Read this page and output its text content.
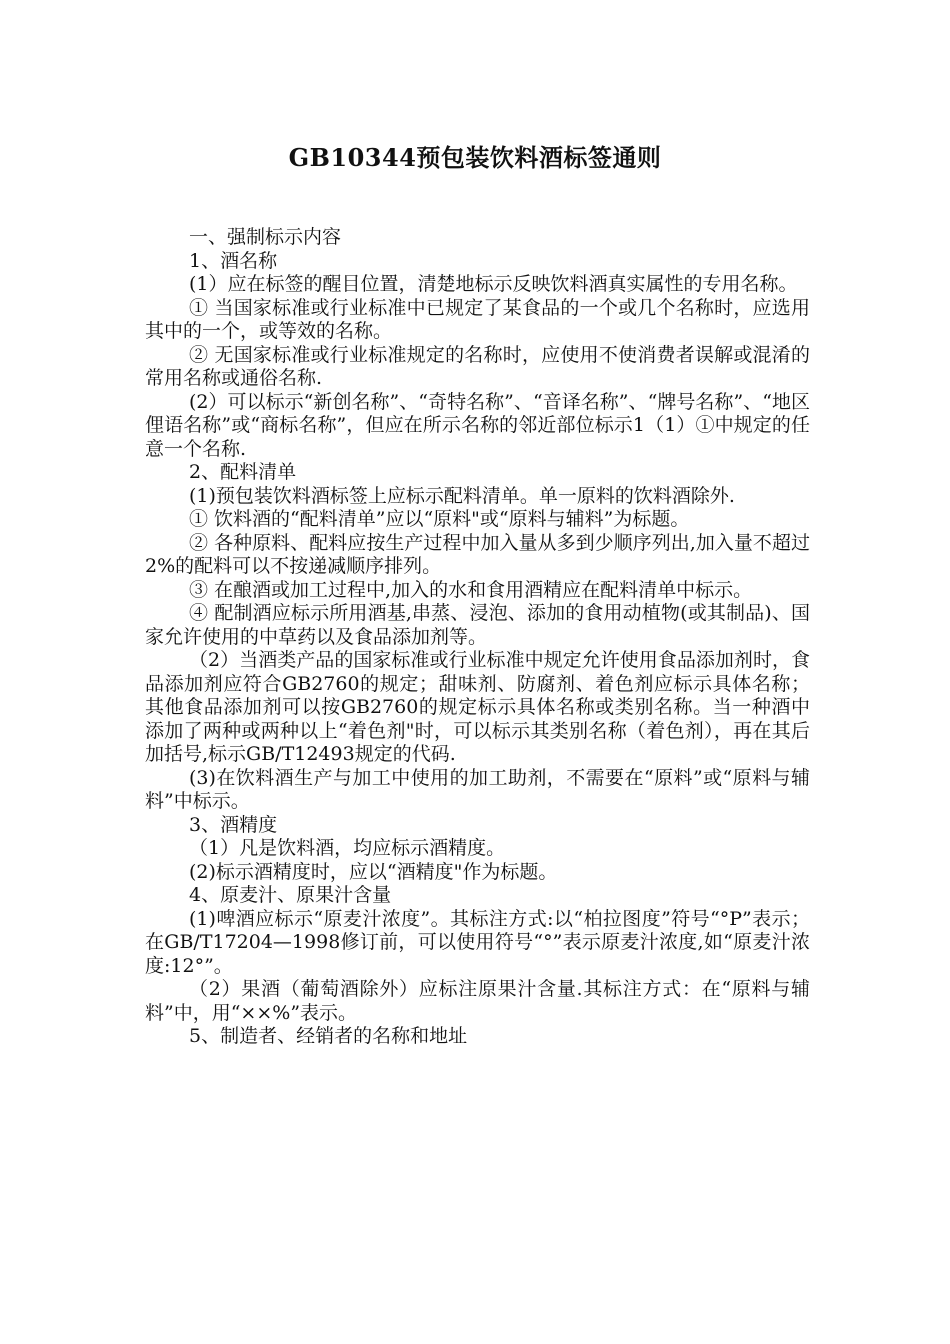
GB10344预包装饮料酒标签通则

一、强制标示内容

1、酒名称

(1）应在标签的醒目位置，清楚地标示反映饮料酒真实属性的专用名称。

① 当国家标准或行业标准中已规定了某食品的一个或几个名称时，应选用其中的一个，或等效的名称。

② 无国家标准或行业标准规定的名称时，应使用不使消费者误解或混淆的常用名称或通俗名称.

(2）可以标示“新创名称”、“奇特名称”、“音译名称”、“牌号名称”、“地区俚语名称”或“商标名称”，但应在所示名称的邻近部位标示1（1）①中规定的任意一个名称.

2、配料清单

(1)预包装饮料酒标签上应标示配料清单。单一原料的饮料酒除外.

① 饮料酒的“配料清单”应以“原料"或“原料与辅料”为标题。

② 各种原料、配料应按生产过程中加入量从多到少顺序列出,加入量不超过2%的配料可以不按递减顺序排列。

③ 在酿酒或加工过程中,加入的水和食用酒精应在配料清单中标示。

④ 配制酒应标示所用酒基,串蒸、浸泡、添加的食用动植物(或其制品)、国家允许使用的中草药以及食品添加剂等。

（2）当酒类产品的国家标准或行业标准中规定允许使用食品添加剂时，食品添加剂应符合GB2760的规定；甜味剂、防腐剂、着色剂应标示具体名称；其他食品添加剂可以按GB2760的规定标示具体名称或类别名称。当一种酒中添加了两种或两种以上“着色剂"时，可以标示其类别名称（着色剂），再在其后加括号,标示GB/T12493规定的代码.

(3)在饮料酒生产与加工中使用的加工助剂，不需要在“原料”或“原料与辅料”中标示。

3、酒精度

（1）凡是饮料酒，均应标示酒精度。

(2)标示酒精度时，应以“酒精度"作为标题。

4、原麦汁、原果汁含量

(1)啤酒应标示“原麦汁浓度”。其标注方式:以“柏拉图度”符号“°P”表示；在GB/T17204—1998修订前，可以使用符号“°”表示原麦汁浓度,如“原麦汁浓度:12°”。

（2）果酒（葡萄酒除外）应标注原果汁含量.其标注方式：在“原料与辅料”中，用“××%”表示。

5、制造者、经销者的名称和地址
